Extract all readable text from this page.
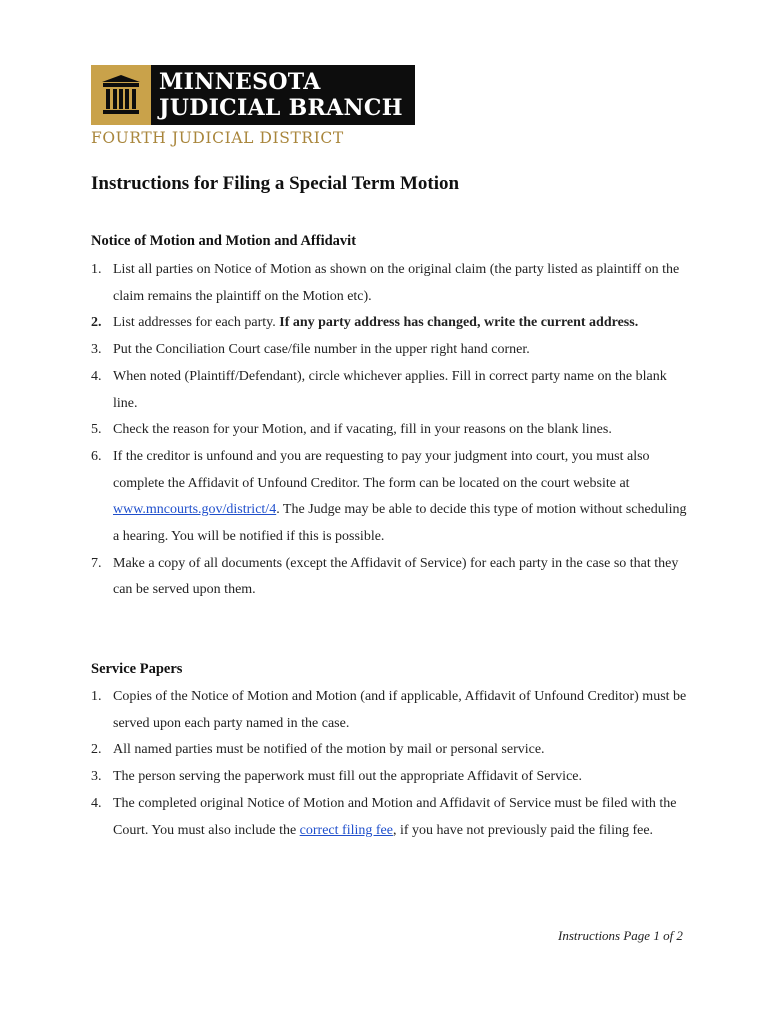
MINNESOTA
JUDICIAL BRANCH
FOURTH JUDICIAL DISTRICT
Instructions for Filing a Special Term Motion
Notice of Motion and Motion and Affidavit
1. List all parties on Notice of Motion as shown on the original claim (the party listed as plaintiff on the claim remains the plaintiff on the Motion etc).
2. List addresses for each party. If any party address has changed, write the current address.
3. Put the Conciliation Court case/file number in the upper right hand corner.
4. When noted (Plaintiff/Defendant), circle whichever applies. Fill in correct party name on the blank line.
5. Check the reason for your Motion, and if vacating, fill in your reasons on the blank lines.
6. If the creditor is unfound and you are requesting to pay your judgment into court, you must also complete the Affidavit of Unfound Creditor. The form can be located on the court website at www.mncourts.gov/district/4. The Judge may be able to decide this type of motion without scheduling a hearing. You will be notified if this is possible.
7. Make a copy of all documents (except the Affidavit of Service) for each party in the case so that they can be served upon them.
Service Papers
1. Copies of the Notice of Motion and Motion (and if applicable, Affidavit of Unfound Creditor) must be served upon each party named in the case.
2. All named parties must be notified of the motion by mail or personal service.
3. The person serving the paperwork must fill out the appropriate Affidavit of Service.
4. The completed original Notice of Motion and Motion and Affidavit of Service must be filed with the Court. You must also include the correct filing fee, if you have not previously paid the filing fee.
Instructions Page 1 of 2
